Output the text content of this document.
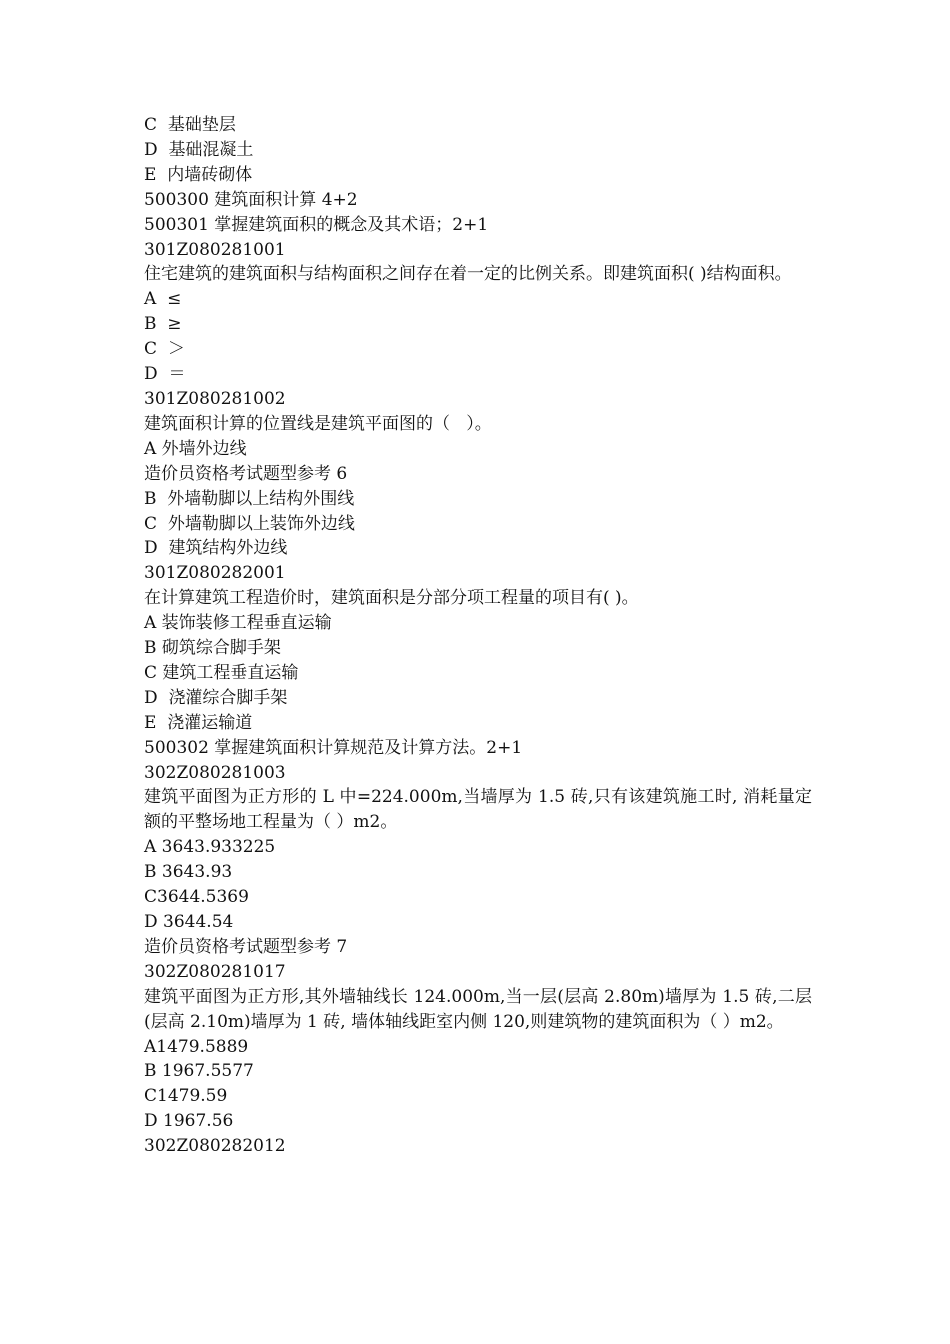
C  基础垫层

D  基础混凝土

E  内墙砖砌体

500300 建筑面积计算 4+2

500301 掌握建筑面积的概念及其术语；2+1

301Z080281001

住宅建筑的建筑面积与结构面积之间存在着一定的比例关系。即建筑面积( )结构面积。

A  ≤

B  ≥

C  ＞

D  ＝

301Z080281002

建筑面积计算的位置线是建筑平面图的（   ）。

A 外墙外边线

造价员资格考试题型参考 6

B  外墙勒脚以上结构外围线

C  外墙勒脚以上装饰外边线

D  建筑结构外边线

301Z080282001

在计算建筑工程造价时，建筑面积是分部分项工程量的项目有( )。

A 装饰装修工程垂直运输

B 砌筑综合脚手架

C 建筑工程垂直运输

D  浇灌综合脚手架

E  浇灌运输道

500302 掌握建筑面积计算规范及计算方法。2+1

302Z080281003

建筑平面图为正方形的 L 中=224.000m,当墙厚为 1.5 砖,只有该建筑施工时, 消耗量定额的平整场地工程量为（ ）m2。

A 3643.933225

B 3643.93

C3644.5369

D 3644.54

造价员资格考试题型参考 7

302Z080281017

建筑平面图为正方形,其外墙轴线长 124.000m,当一层(层高 2.80m)墙厚为 1.5 砖,二层(层高 2.10m)墙厚为 1 砖, 墙体轴线距室内侧 120,则建筑物的建筑面积为（ ）m2。

A1479.5889

B 1967.5577

C1479.59

D 1967.56

302Z080282012
